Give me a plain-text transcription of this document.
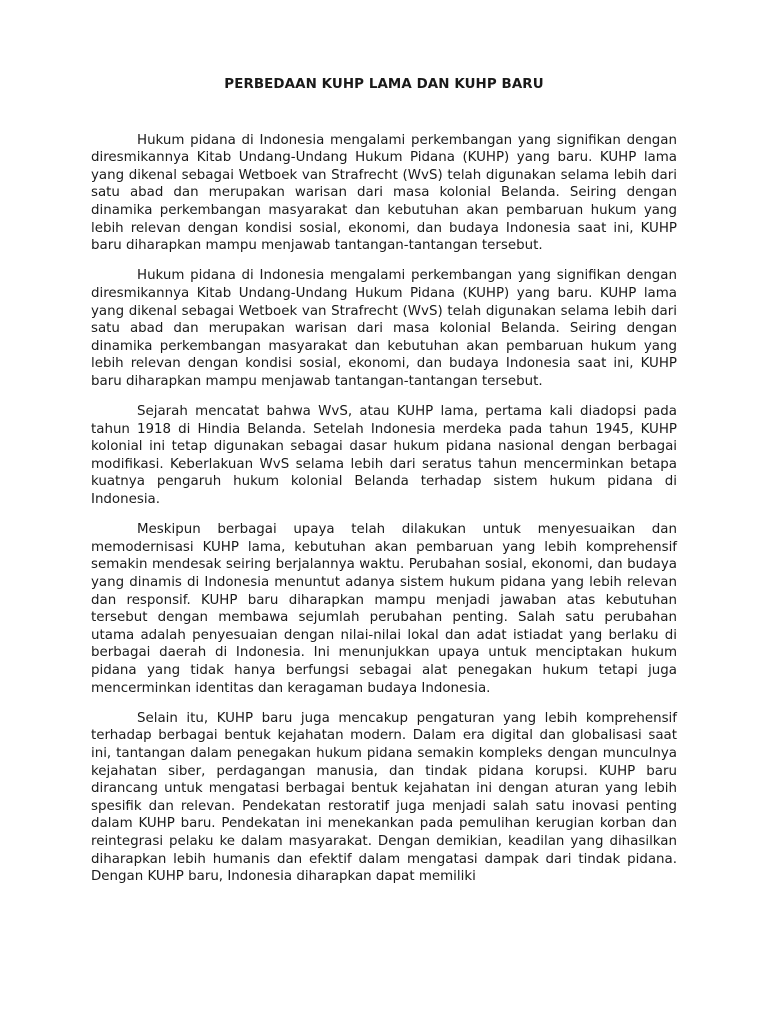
PERBEDAAN KUHP LAMA DAN KUHP BARU

Hukum pidana di Indonesia mengalami perkembangan yang signifikan dengan diresmikannya Kitab Undang-Undang Hukum Pidana (KUHP) yang baru. KUHP lama yang dikenal sebagai Wetboek van Strafrecht (WvS) telah digunakan selama lebih dari satu abad dan merupakan warisan dari masa kolonial Belanda. Seiring dengan dinamika perkembangan masyarakat dan kebutuhan akan pembaruan hukum yang lebih relevan dengan kondisi sosial, ekonomi, dan budaya Indonesia saat ini, KUHP baru diharapkan mampu menjawab tantangan-tantangan tersebut.

Hukum pidana di Indonesia mengalami perkembangan yang signifikan dengan diresmikannya Kitab Undang-Undang Hukum Pidana (KUHP) yang baru. KUHP lama yang dikenal sebagai Wetboek van Strafrecht (WvS) telah digunakan selama lebih dari satu abad dan merupakan warisan dari masa kolonial Belanda. Seiring dengan dinamika perkembangan masyarakat dan kebutuhan akan pembaruan hukum yang lebih relevan dengan kondisi sosial, ekonomi, dan budaya Indonesia saat ini, KUHP baru diharapkan mampu menjawab tantangan-tantangan tersebut.

Sejarah mencatat bahwa WvS, atau KUHP lama, pertama kali diadopsi pada tahun 1918 di Hindia Belanda. Setelah Indonesia merdeka pada tahun 1945, KUHP kolonial ini tetap digunakan sebagai dasar hukum pidana nasional dengan berbagai modifikasi. Keberlakuan WvS selama lebih dari seratus tahun mencerminkan betapa kuatnya pengaruh hukum kolonial Belanda terhadap sistem hukum pidana di Indonesia.

Meskipun berbagai upaya telah dilakukan untuk menyesuaikan dan memodernisasi KUHP lama, kebutuhan akan pembaruan yang lebih komprehensif semakin mendesak seiring berjalannya waktu. Perubahan sosial, ekonomi, dan budaya yang dinamis di Indonesia menuntut adanya sistem hukum pidana yang lebih relevan dan responsif. KUHP baru diharapkan mampu menjadi jawaban atas kebutuhan tersebut dengan membawa sejumlah perubahan penting. Salah satu perubahan utama adalah penyesuaian dengan nilai-nilai lokal dan adat istiadat yang berlaku di berbagai daerah di Indonesia. Ini menunjukkan upaya untuk menciptakan hukum pidana yang tidak hanya berfungsi sebagai alat penegakan hukum tetapi juga mencerminkan identitas dan keragaman budaya Indonesia.

Selain itu, KUHP baru juga mencakup pengaturan yang lebih komprehensif terhadap berbagai bentuk kejahatan modern. Dalam era digital dan globalisasi saat ini, tantangan dalam penegakan hukum pidana semakin kompleks dengan munculnya kejahatan siber, perdagangan manusia, dan tindak pidana korupsi. KUHP baru dirancang untuk mengatasi berbagai bentuk kejahatan ini dengan aturan yang lebih spesifik dan relevan. Pendekatan restoratif juga menjadi salah satu inovasi penting dalam KUHP baru. Pendekatan ini menekankan pada pemulihan kerugian korban dan reintegrasi pelaku ke dalam masyarakat. Dengan demikian, keadilan yang dihasilkan diharapkan lebih humanis dan efektif dalam mengatasi dampak dari tindak pidana. Dengan KUHP baru, Indonesia diharapkan dapat memiliki
